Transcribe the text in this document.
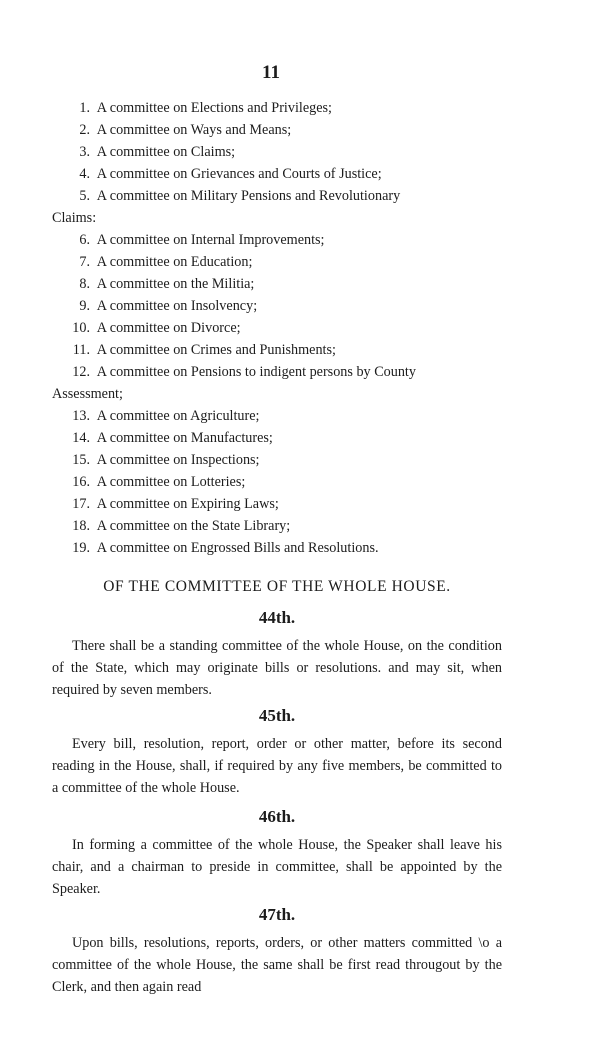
11
1. A committee on Elections and Privileges;
2. A committee on Ways and Means;
3. A committee on Claims;
4. A committee on Grievances and Courts of Justice;
5. A committee on Military Pensions and Revolutionary
Claims:
6. A committee on Internal Improvements;
7. A committee on Education;
8. A committee on the Militia;
9. A committee on Insolvency;
10. A committee on Divorce;
11. A committee on Crimes and Punishments;
12. A committee on Pensions to indigent persons by County
Assessment;
13. A committee on Agriculture;
14. A committee on Manufactures;
15. A committee on Inspections;
16. A committee on Lotteries;
17. A committee on Expiring Laws;
18. A committee on the State Library;
19. A committee on Engrossed Bills and Resolutions.
OF THE COMMITTEE OF THE WHOLE HOUSE.
44th.

There shall be a standing committee of the whole House, on the condition of the State, which may originate bills or resolutions. and may sit, when required by seven members.

45th.

Every bill, resolution, report, order or other matter, before its second reading in the House, shall, if required by any five members, be committed to a committee of the whole House.

46th.

In forming a committee of the whole House, the Speaker shall leave his chair, and a chairman to preside in committee, shall be appointed by the Speaker.

47th.

Upon bills, resolutions, reports, orders, or other matters committed \o a committee of the whole House, the same shall be first read througout by the Clerk, and then again read
